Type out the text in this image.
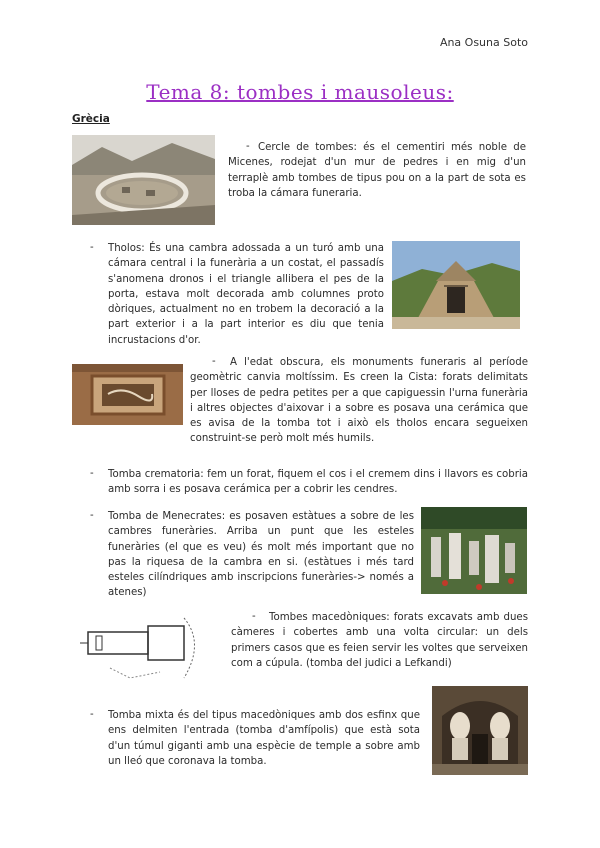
Ana Osuna Soto
Tema 8: tombes i mausoleus:
Grècia
- Cercle de tombes: és el cementiri més noble de Micenes, rodejat d'un mur de pedres i en mig d'un terraplè amb tombes de tipus pou on a la part de sota es troba la cámara funeraria.
- Tholos: És una cambra adossada a un turó amb una cámara central i la funerària a un costat, el passadís s'anomena dronos i el triangle allibera el pes de la porta, estava molt decorada amb columnes proto dòriques, actualment no en trobem la decoració a la part exterior i a la part interior es diu que tenia incrustacions d'or.
-	A l'edat obscura, els monuments funeraris al període geomètric canvia moltíssim. Es creen la Cista: forats delimitats per lloses de pedra petites per a que capiguessin l'urna funerària i altres objectes d'aixovar i a sobre es posava una cerámica que es avisa de la tomba tot i això els tholos encara segueixen construint-se però molt més humils.
- Tomba crematoria: fem un forat, fiquem el cos i el cremem dins i llavors es cobria amb sorra i es posava cerámica per a cobrir les cendres.
- Tomba de Menecrates: es posaven estàtues a sobre de les cambres funeràries. Arriba un punt que les esteles funeràries (el que es veu) és molt més important que no pas la riquesa de la cambra en si. (estàtues i més tard esteles cilíndriques amb inscripcions funeràries-> només a atenes)
-	Tombes macedòniques: forats excavats amb dues càmeres i cobertes amb una volta circular: un dels primers casos que es feien servir les voltes que serveixen com a cúpula. (tomba del judici a Lefkandi)
- Tomba mixta és del tipus macedòniques amb dos esfinx que ens delmiten l'entrada (tomba d'amfípolis) que està sota d'un túmul giganti amb una espècie de temple a sobre amb un lleó que coronava la tomba.
